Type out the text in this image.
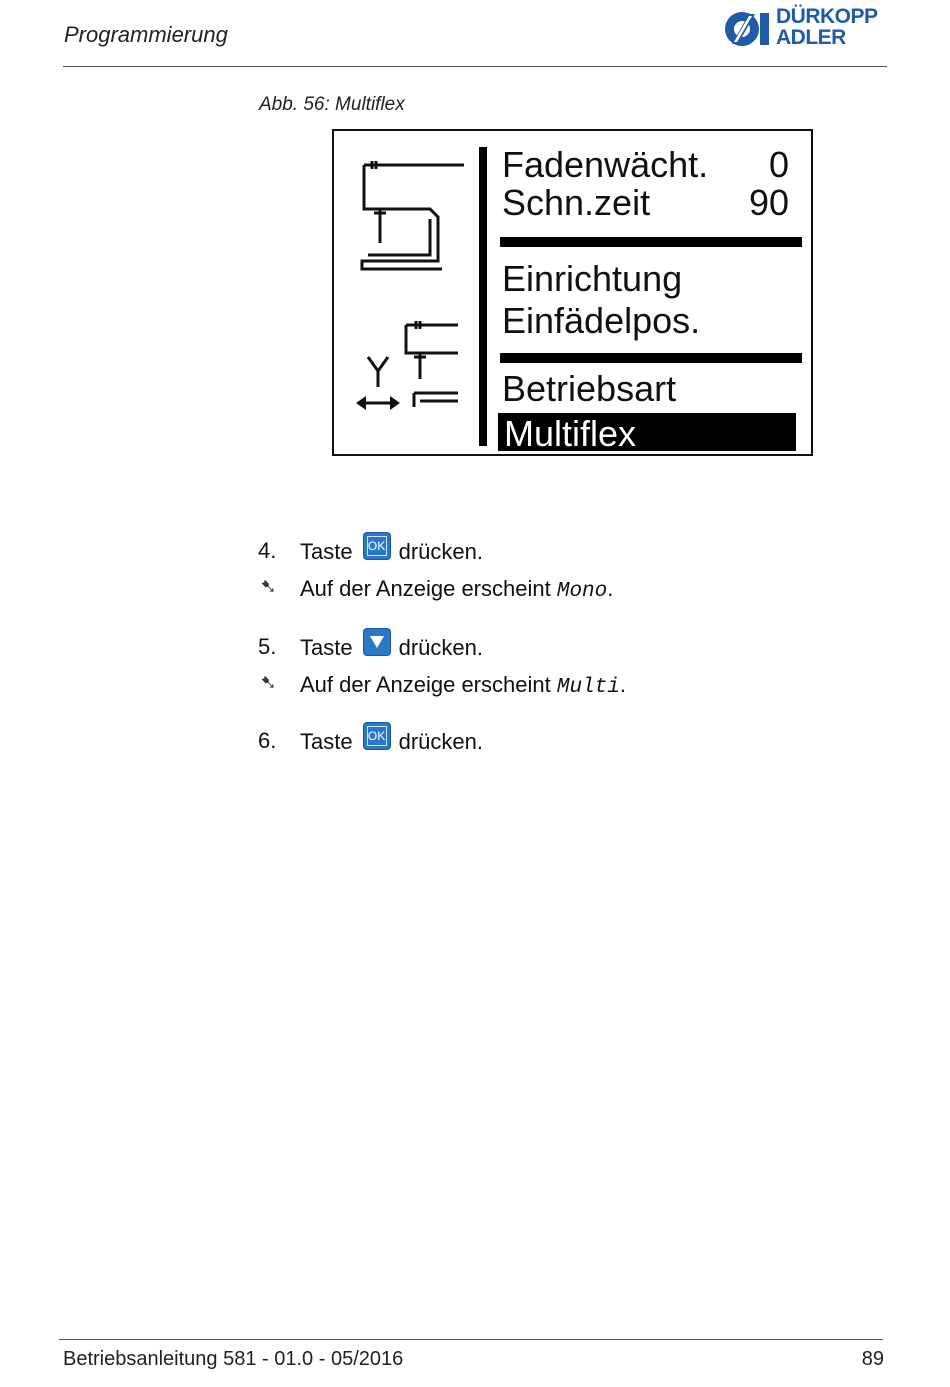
Programmierung
DÜRKOPP
ADLER
Abb. 56: Multiflex
Fadenwächt. 0
Schn.zeit	90
Einrichtung
Einfädelpos.
Betriebsart
Multiflex
4. Taste OK drücken.
➷ Auf der Anzeige erscheint Mono.
5. Taste drücken.
➷ Auf der Anzeige erscheint Multi.
6. Taste OK drücken.
Betriebsanleitung 581 - 01.0 - 05/2016	89
